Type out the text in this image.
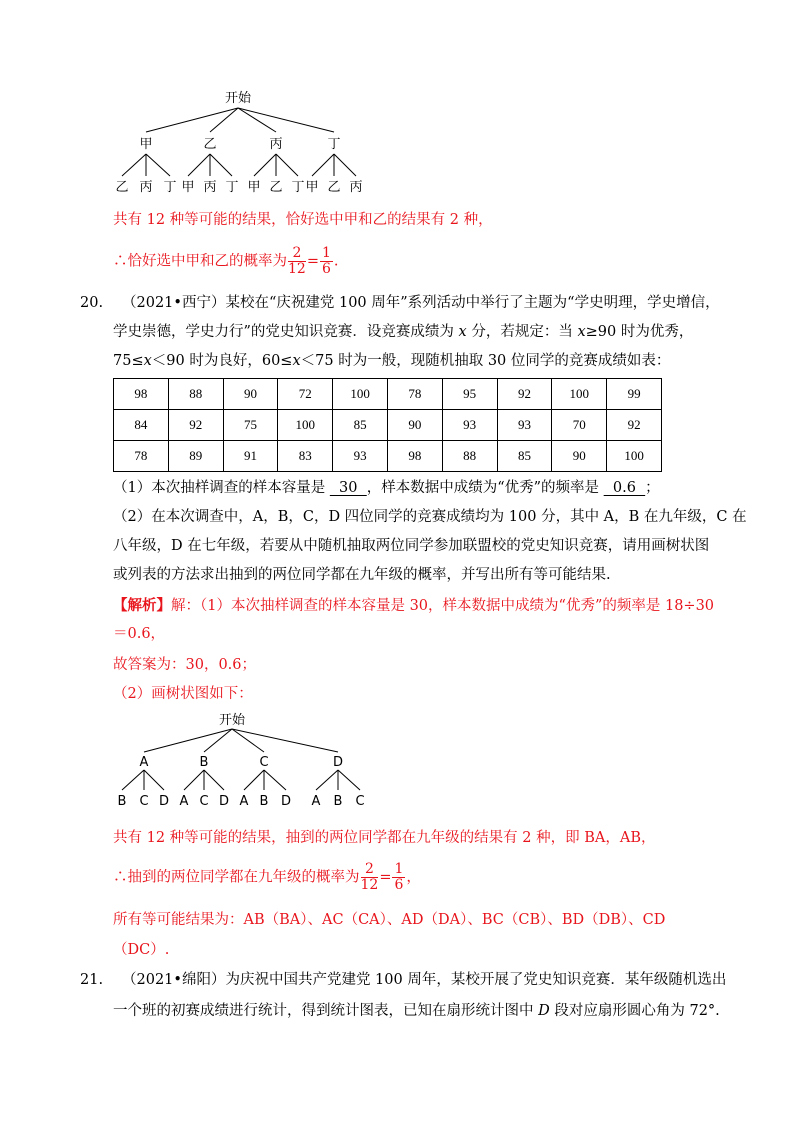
开始
甲	乙	丙	丁
乙 丙 丁 甲 丙 丁 甲 乙 丁 甲 乙 丙
共有 12 种等可能的结果，恰好选中甲和乙的结果有 2 种，
∴恰好选中甲和乙的概率为 $\frac{2}{12} = \frac{1}{6}$ .
20. （2021•西宁）某校在“庆祝建党 100 周年”系列活动中举行了主题为“学史明理，学史增信，
学史崇德，学史力行”的党史知识竞赛．设竞赛成绩为 x 分，若规定：当 x≥90 时为优秀，
75≤x＜90 时为良好，60≤x＜75 时为一般，现随机抽取 30 位同学的竞赛成绩如表：
98	88	90	72	100	78	95	92	100	99
84	92	75	100	85	90	93	93	70	92
78	89	91	83	93	98	88	85	90	100
（1）本次抽样调查的样本容量是   30  ，样本数据中成绩为“优秀”的频率是   0.6  ；
（2）在本次调查中，A，B，C，D 四位同学的竞赛成绩均为 100 分，其中 A，B 在九年级，C 在
八年级，D 在七年级，若要从中随机抽取两位同学参加联盟校的党史知识竞赛，请用画树状图
或列表的方法求出抽到的两位同学都在九年级的概率，并写出所有等可能结果.
【解析】解：（1）本次抽样调查的样本容量是 30，样本数据中成绩为“优秀”的频率是 18÷30
＝0.6，
故答案为：30，0.6；
（2）画树状图如下：
开始
A	B	C	D
B C D A C D A B D A B C
共有 12 种等可能的结果，抽到的两位同学都在九年级的结果有 2 种，即 BA，AB，
∴抽到的两位同学都在九年级的概率为 $\frac{2}{12} = \frac{1}{6}$ ，
所有等可能结果为：AB（BA）、AC（CA）、AD（DA）、BC（CB）、BD（DB）、CD
（DC）.
21. （2021•绵阳）为庆祝中国共产党建党 100 周年，某校开展了党史知识竞赛．某年级随机选出
一个班的初赛成绩进行统计，得到统计图表，已知在扇形统计图中 D 段对应扇形圆心角为 72°.
